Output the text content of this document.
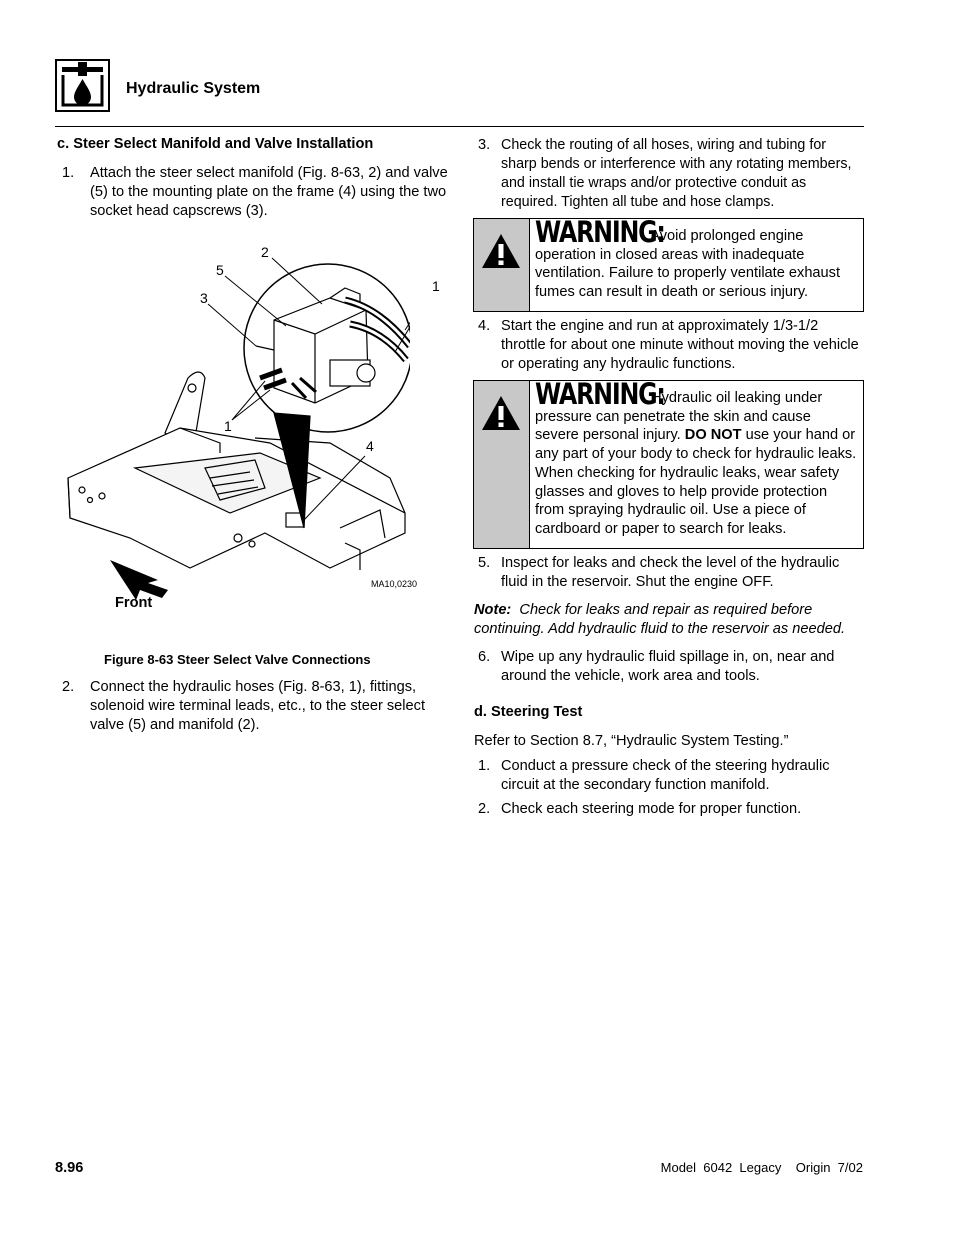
Hydraulic System
c. Steer Select Manifold and Valve Installation
1. Attach the steer select manifold (Fig. 8-63, 2) and valve (5) to the mounting plate on the frame (4) using the two socket head capscrews (3).
2
5
3
1
1
4
MA10,0230
Front
Figure 8-63 Steer Select Valve Connections
2. Connect the hydraulic hoses (Fig. 8-63, 1), fittings, solenoid wire terminal leads, etc., to the steer select valve (5) and manifold (2).
3. Check the routing of all hoses, wiring and tubing for sharp bends or interference with any rotating members, and install tie wraps and/or protective conduit as required. Tighten all tube and hose clamps.
WARNING: Avoid prolonged engine
operation in closed areas with inadequate ventilation. Failure to properly ventilate exhaust fumes can result in death or serious injury.
4. Start the engine and run at approximately 1/3-1/2 throttle for about one minute without moving the vehicle or operating any hydraulic functions.
WARNING: Hydraulic oil leaking under
pressure can penetrate the skin and cause severe personal injury. DO NOT use your hand or any part of your body to check for hydraulic leaks. When checking for hydraulic leaks, wear safety glasses and gloves to help provide protection from spraying hydraulic oil. Use a piece of cardboard or paper to search for leaks.
5. Inspect for leaks and check the level of the hydraulic fluid in the reservoir. Shut the engine OFF.
Note: Check for leaks and repair as required before continuing. Add hydraulic fluid to the reservoir as needed.
6. Wipe up any hydraulic fluid spillage in, on, near and around the vehicle, work area and tools.
d. Steering Test
Refer to Section 8.7, “Hydraulic System Testing.”
1. Conduct a pressure check of the steering hydraulic circuit at the secondary function manifold.
2. Check each steering mode for proper function.
8.96	Model  6042  Legacy    Origin  7/02
